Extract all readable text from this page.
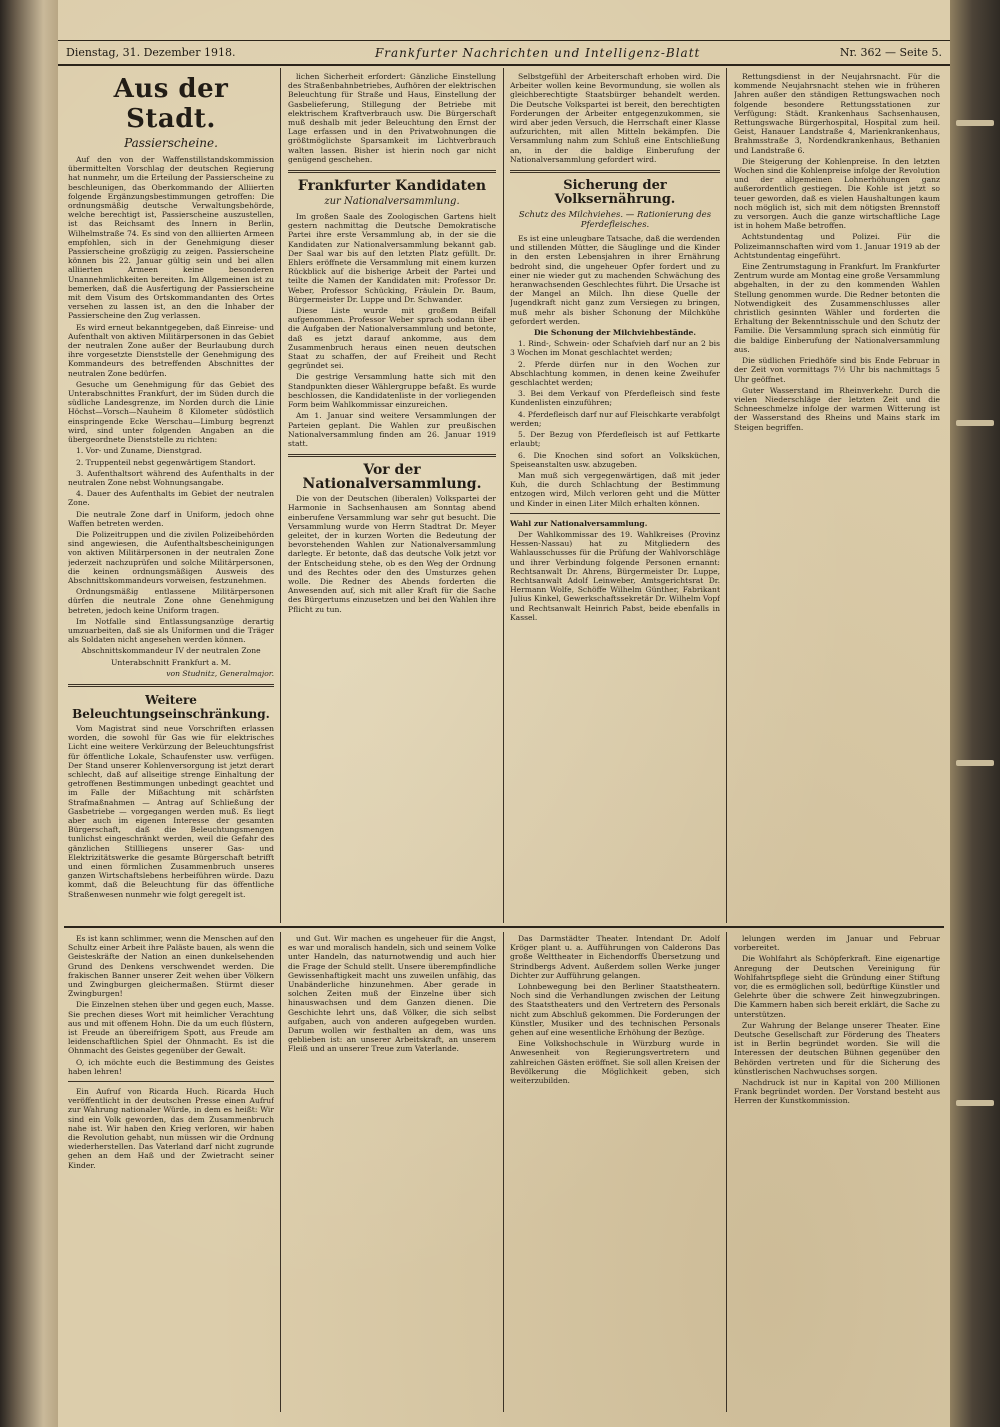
Dienstag, 31. Dezember 1918.	Frankfurter Nachrichten und Intelligenz-Blatt	Nr. 362 — Seite 5.
Aus der Stadt.
Passierscheine.

Auf den von der Waffenstillstandskommission übermittelten Vorschlag der deutschen Regierung hat nunmehr, um die Erteilung der Passierscheine zu beschleunigen, das Oberkommando der Alliierten folgende Ergänzungsbestimmungen getroffen: Die ordnungsmäßig deutsche Verwaltungsbehörde, welche berechtigt ist, Passierscheine auszustellen, ist das Reichsamt des Innern in Berlin, Wilhelmstraße 74. Es sind von den alliierten Armeen empfohlen, sich in der Genehmigung dieser Passierscheine großzügig zu zeigen. Passierscheine können bis 22. Januar gültig sein und bei allen alliierten Armeen keine besonderen Unannehmlichkeiten bereiten. Im Allgemeinen ist zu bemerken, daß die Ausfertigung der Passierscheine mit dem Visum des Ortskommandanten des Ortes versehen zu lassen ist, an den die Inhaber der Passierscheine den Zug verlassen.

Es wird erneut bekanntgegeben, daß Einreise- und Aufenthalt von aktiven Militärpersonen in das Gebiet der neutralen Zone außer der Beurlaubung durch ihre vorgesetzte Dienststelle der Genehmigung des Kommandeurs des betreffenden Abschnittes der neutralen Zone bedürfen.

Gesuche um Genehmigung für das Gebiet des Unterabschnittes Frankfurt, der im Süden durch die südliche Landesgrenze, im Norden durch die Linie Höchst—Vorsch—Nauheim 8 Kilometer südöstlich einspringende Ecke Werschau—Limburg begrenzt wird, sind unter folgenden Angaben an die übergeordnete Dienststelle zu richten:

1. Vor- und Zuname, Dienstgrad.

2. Truppenteil nebst gegenwärtigem Standort.

3. Aufenthaltsort während des Aufenthalts in der neutralen Zone nebst Wohnungsangabe.

4. Dauer des Aufenthalts im Gebiet der neutralen Zone.

Die neutrale Zone darf in Uniform, jedoch ohne Waffen betreten werden.

Die Polizeitruppen und die zivilen Polizeibehörden sind angewiesen, die Aufenthaltsbescheinigungen von aktiven Militärpersonen in der neutralen Zone jederzeit nachzuprüfen und solche Militärpersonen, die keinen ordnungsmäßigen Ausweis des Abschnittskommandeurs vorweisen, festzunehmen.

Ordnungsmäßig entlassene Militärpersonen dürfen die neutrale Zone ohne Genehmigung betreten, jedoch keine Uniform tragen.

Im Notfalle sind Entlassungsanzüge derartig umzuarbeiten, daß sie als Uniformen und die Träger als Soldaten nicht angesehen werden können.

Abschnittskommandeur IV der neutralen Zone

Unterabschnitt Frankfurt a. M.

von Studnitz, Generalmajor.

Weitere Beleuchtungseinschränkung.

Vom Magistrat sind neue Vorschriften erlassen worden, die sowohl für Gas wie für elektrisches Licht eine weitere Verkürzung der Beleuchtungsfrist für öffentliche Lokale, Schaufenster usw. verfügen. Der Stand unserer Kohlenversorgung ist jetzt derart schlecht, daß auf allseitige strenge Einhaltung der getroffenen Bestimmungen unbedingt geachtet und im Falle der Mißachtung mit schärfsten Strafmaßnahmen — Antrag auf Schließung der Gasbetriebe — vorgegangen werden muß. Es liegt aber auch im eigenen Interesse der gesamten Bürgerschaft, daß die Beleuchtungsmengen tunlichst eingeschränkt werden, weil die Gefahr des gänzlichen Stillliegens unserer Gas- und Elektrizitätswerke die gesamte Bürgerschaft betrifft und einen förmlichen Zusammenbruch unseres ganzen Wirtschaftslebens herbeiführen würde. Dazu kommt, daß die Beleuchtung für das öffentliche Straßenwesen nunmehr wie folgt geregelt ist.

lichen Sicherheit erfordert: Gänzliche Einstellung des Straßenbahnbetriebes, Aufhören der elektrischen Beleuchtung für Straße und Haus, Einstellung der Gasbelieferung, Stillegung der Betriebe mit elektrischem Kraftverbrauch usw. Die Bürgerschaft muß deshalb mit jeder Beleuchtung den Ernst der Lage erfassen und in den Privatwohnungen die größtmöglichste Sparsamkeit im Lichtverbrauch walten lassen. Bisher ist hierin noch gar nicht genügend geschehen.

Frankfurter Kandidaten
zur Nationalversammlung.

Im großen Saale des Zoologischen Gartens hielt gestern nachmittag die Deutsche Demokratische Partei ihre erste Versammlung ab, in der sie die Kandidaten zur Nationalversammlung bekannt gab. Der Saal war bis auf den letzten Platz gefüllt. Dr. Ehlers eröffnete die Versammlung mit einem kurzen Rückblick auf die bisherige Arbeit der Partei und teilte die Namen der Kandidaten mit: Professor Dr. Weber, Professor Schücking, Fräulein Dr. Baum, Bürgermeister Dr. Luppe und Dr. Schwander.

Diese Liste wurde mit großem Beifall aufgenommen. Professor Weber sprach sodann über die Aufgaben der Nationalversammlung und betonte, daß es jetzt darauf ankomme, aus dem Zusammenbruch heraus einen neuen deutschen Staat zu schaffen, der auf Freiheit und Recht gegründet sei.

Die gestrige Versammlung hatte sich mit den Standpunkten dieser Wählergruppe befaßt. Es wurde beschlossen, die Kandidatenliste in der vorliegenden Form beim Wahlkommissar einzureichen.

Am 1. Januar sind weitere Versammlungen der Parteien geplant. Die Wahlen zur preußischen Nationalversammlung finden am 26. Januar 1919 statt.

Vor der Nationalversammlung.

Die von der Deutschen (liberalen) Volkspartei der Harmonie in Sachsenhausen am Sonntag abend einberufene Versammlung war sehr gut besucht. Die Versammlung wurde von Herrn Stadtrat Dr. Meyer geleitet, der in kurzen Worten die Bedeutung der bevorstehenden Wahlen zur Nationalversammlung darlegte. Er betonte, daß das deutsche Volk jetzt vor der Entscheidung stehe, ob es den Weg der Ordnung und des Rechtes oder den des Umsturzes gehen wolle. Die Redner des Abends forderten die Anwesenden auf, sich mit aller Kraft für die Sache des Bürgertums einzusetzen und bei den Wahlen ihre Pflicht zu tun.

Selbstgefühl der Arbeiterschaft erhoben wird. Die Arbeiter wollen keine Bevormundung, sie wollen als gleichberechtigte Staatsbürger behandelt werden. Die Deutsche Volkspartei ist bereit, den berechtigten Forderungen der Arbeiter entgegenzukommen, sie wird aber jeden Versuch, die Herrschaft einer Klasse aufzurichten, mit allen Mitteln bekämpfen. Die Versammlung nahm zum Schluß eine Entschließung an, in der die baldige Einberufung der Nationalversammlung gefordert wird.

Sicherung der Volksernährung.
Schutz des Milchviehes. — Rationierung des Pferdefleisches.

Es ist eine unleugbare Tatsache, daß die werdenden und stillenden Mütter, die Säuglinge und die Kinder in den ersten Lebensjahren in ihrer Ernährung bedroht sind, die ungeheuer Opfer fordert und zu einer nie wieder gut zu machenden Schwächung des heranwachsenden Geschlechtes führt. Die Ursache ist der Mangel an Milch. Ihn diese Quelle der Jugendkraft nicht ganz zum Versiegen zu bringen, muß mehr als bisher Schonung der Milchkühe gefordert werden.

Die Schonung der Milchviehbestände.

1. Rind-, Schwein- oder Schafvieh darf nur an 2 bis 3 Wochen im Monat geschlachtet werden;

2. Pferde dürfen nur in den Wochen zur Abschlachtung kommen, in denen keine Zweihufer geschlachtet werden;

3. Bei dem Verkauf von Pferdefleisch sind feste Kundenlisten einzuführen;

4. Pferdefleisch darf nur auf Fleischkarte verabfolgt werden;

5. Der Bezug von Pferdefleisch ist auf Fettkarte erlaubt;

6. Die Knochen sind sofort an Volksküchen, Speiseanstalten usw. abzugeben.

Man muß sich vergegenwärtigen, daß mit jeder Kuh, die durch Schlachtung der Bestimmung entzogen wird, Milch verloren geht und die Mütter und Kinder in einen Liter Milch erhalten können.

Wahl zur Nationalversammlung.

Der Wahlkommissar des 19. Wahlkreises (Provinz Hessen-Nassau) hat zu Mitgliedern des Wahlausschusses für die Prüfung der Wahlvorschläge und ihrer Verbindung folgende Personen ernannt: Rechtsanwalt Dr. Ahrens, Bürgermeister Dr. Luppe, Rechtsanwalt Adolf Leinweber, Amtsgerichtsrat Dr. Hermann Wolfe, Schöffe Wilhelm Günther, Fabrikant Julius Kinkel, Gewerkschaftssekretär Dr. Wilhelm Vopf und Rechtsanwalt Heinrich Pabst, beide ebenfalls in Kassel.

Rettungsdienst in der Neujahrsnacht. Für die kommende Neujahrsnacht stehen wie in früheren Jahren außer den ständigen Rettungswachen noch folgende besondere Rettungsstationen zur Verfügung: Städt. Krankenhaus Sachsenhausen, Rettungswache Bürgerhospital, Hospital zum heil. Geist, Hanauer Landstraße 4, Marienkrankenhaus, Brahmsstraße 3, Nordendkrankenhaus, Bethanien und Landstraße 6.

Die Steigerung der Kohlenpreise. In den letzten Wochen sind die Kohlenpreise infolge der Revolution und der allgemeinen Lohnerhöhungen ganz außerordentlich gestiegen. Die Kohle ist jetzt so teuer geworden, daß es vielen Haushaltungen kaum noch möglich ist, sich mit dem nötigsten Brennstoff zu versorgen. Auch die ganze wirtschaftliche Lage ist in hohem Maße betroffen.

Achtstundentag und Polizei. Für die Polizeimannschaften wird vom 1. Januar 1919 ab der Achtstundentag eingeführt.

Eine Zentrumstagung in Frankfurt. Im Frankfurter Zentrum wurde am Montag eine große Versammlung abgehalten, in der zu den kommenden Wahlen Stellung genommen wurde. Die Redner betonten die Notwendigkeit des Zusammenschlusses aller christlich gesinnten Wähler und forderten die Erhaltung der Bekenntnisschule und den Schutz der Familie. Die Versammlung sprach sich einmütig für die baldige Einberufung der Nationalversammlung aus.

Die südlichen Friedhöfe sind bis Ende Februar in der Zeit von vormittags 7½ Uhr bis nachmittags 5 Uhr geöffnet.

Guter Wasserstand im Rheinverkehr. Durch die vielen Niederschläge der letzten Zeit und die Schneeschmelze infolge der warmen Witterung ist der Wasserstand des Rheins und Mains stark im Steigen begriffen.

Es ist kann schlimmer, wenn die Menschen auf den Schultz einer Arbeit ihre Paläste bauen, als wenn die Geisteskräfte der Nation an einen dunkelsehenden Grund des Denkens verschwendet werden. Die frakischen Banner unserer Zeit wehen über Völkern und Zwingburgen gleichermaßen. Stürmt dieser Zwingburgen!

Die Einzelnen stehen über und gegen euch, Masse. Sie prechen dieses Wort mit heimlicher Verachtung aus und mit offenem Hohn. Die da um euch flüstern, ist Freude an übereifrigem Spott, aus Freude am leidenschaftlichen Spiel der Ohnmacht. Es ist die Ohnmacht des Geistes gegenüber der Gewalt.

O, ich möchte euch die Bestimmung des Geistes haben lehren!

Ein Aufruf von Ricarda Huch. Ricarda Huch veröffentlicht in der deutschen Presse einen Aufruf zur Wahrung nationaler Würde, in dem es heißt: Wir sind ein Volk geworden, das dem Zusammenbruch nahe ist. Wir haben den Krieg verloren, wir haben die Revolution gehabt, nun müssen wir die Ordnung wiederherstellen. Das Vaterland darf nicht zugrunde gehen an dem Haß und der Zwietracht seiner Kinder.

und Gut. Wir machen es ungeheuer für die Angst, es war und moralisch handeln, sich und seinem Volke unter Handeln, das naturnotwendig und auch hier die Frage der Schuld stellt. Unsere überempfindliche Gewissenhaftigkeit macht uns zuweilen unfähig, das Unabänderliche hinzunehmen. Aber gerade in solchen Zeiten muß der Einzelne über sich hinauswachsen und dem Ganzen dienen. Die Geschichte lehrt uns, daß Völker, die sich selbst aufgaben, auch von anderen aufgegeben wurden. Darum wollen wir festhalten an dem, was uns geblieben ist: an unserer Arbeitskraft, an unserem Fleiß und an unserer Treue zum Vaterlande.

Das Darmstädter Theater. Intendant Dr. Adolf Kröger plant u. a. Aufführungen von Calderons Das große Welttheater in Eichendorffs Übersetzung und Strindbergs Advent. Außerdem sollen Werke junger Dichter zur Aufführung gelangen.

Lohnbewegung bei den Berliner Staatstheatern. Noch sind die Verhandlungen zwischen der Leitung des Staatstheaters und den Vertretern des Personals nicht zum Abschluß gekommen. Die Forderungen der Künstler, Musiker und des technischen Personals gehen auf eine wesentliche Erhöhung der Bezüge.

Eine Volkshochschule in Würzburg wurde in Anwesenheit von Regierungsvertretern und zahlreichen Gästen eröffnet. Sie soll allen Kreisen der Bevölkerung die Möglichkeit geben, sich weiterzubilden.

lelungen werden im Januar und Februar vorbereitet.

Die Wohlfahrt als Schöpferkraft. Eine eigenartige Anregung der Deutschen Vereinigung für Wohlfahrtspflege sieht die Gründung einer Stiftung vor, die es ermöglichen soll, bedürftige Künstler und Gelehrte über die schwere Zeit hinwegzubringen. Die Kammern haben sich bereit erklärt, die Sache zu unterstützen.

Zur Wahrung der Belange unserer Theater. Eine Deutsche Gesellschaft zur Förderung des Theaters ist in Berlin begründet worden. Sie will die Interessen der deutschen Bühnen gegenüber den Behörden vertreten und für die Sicherung des künstlerischen Nachwuchses sorgen.

Nachdruck ist nur in Kapital von 200 Millionen Frank begründet worden. Der Vorstand besteht aus Herren der Kunstkommission.
